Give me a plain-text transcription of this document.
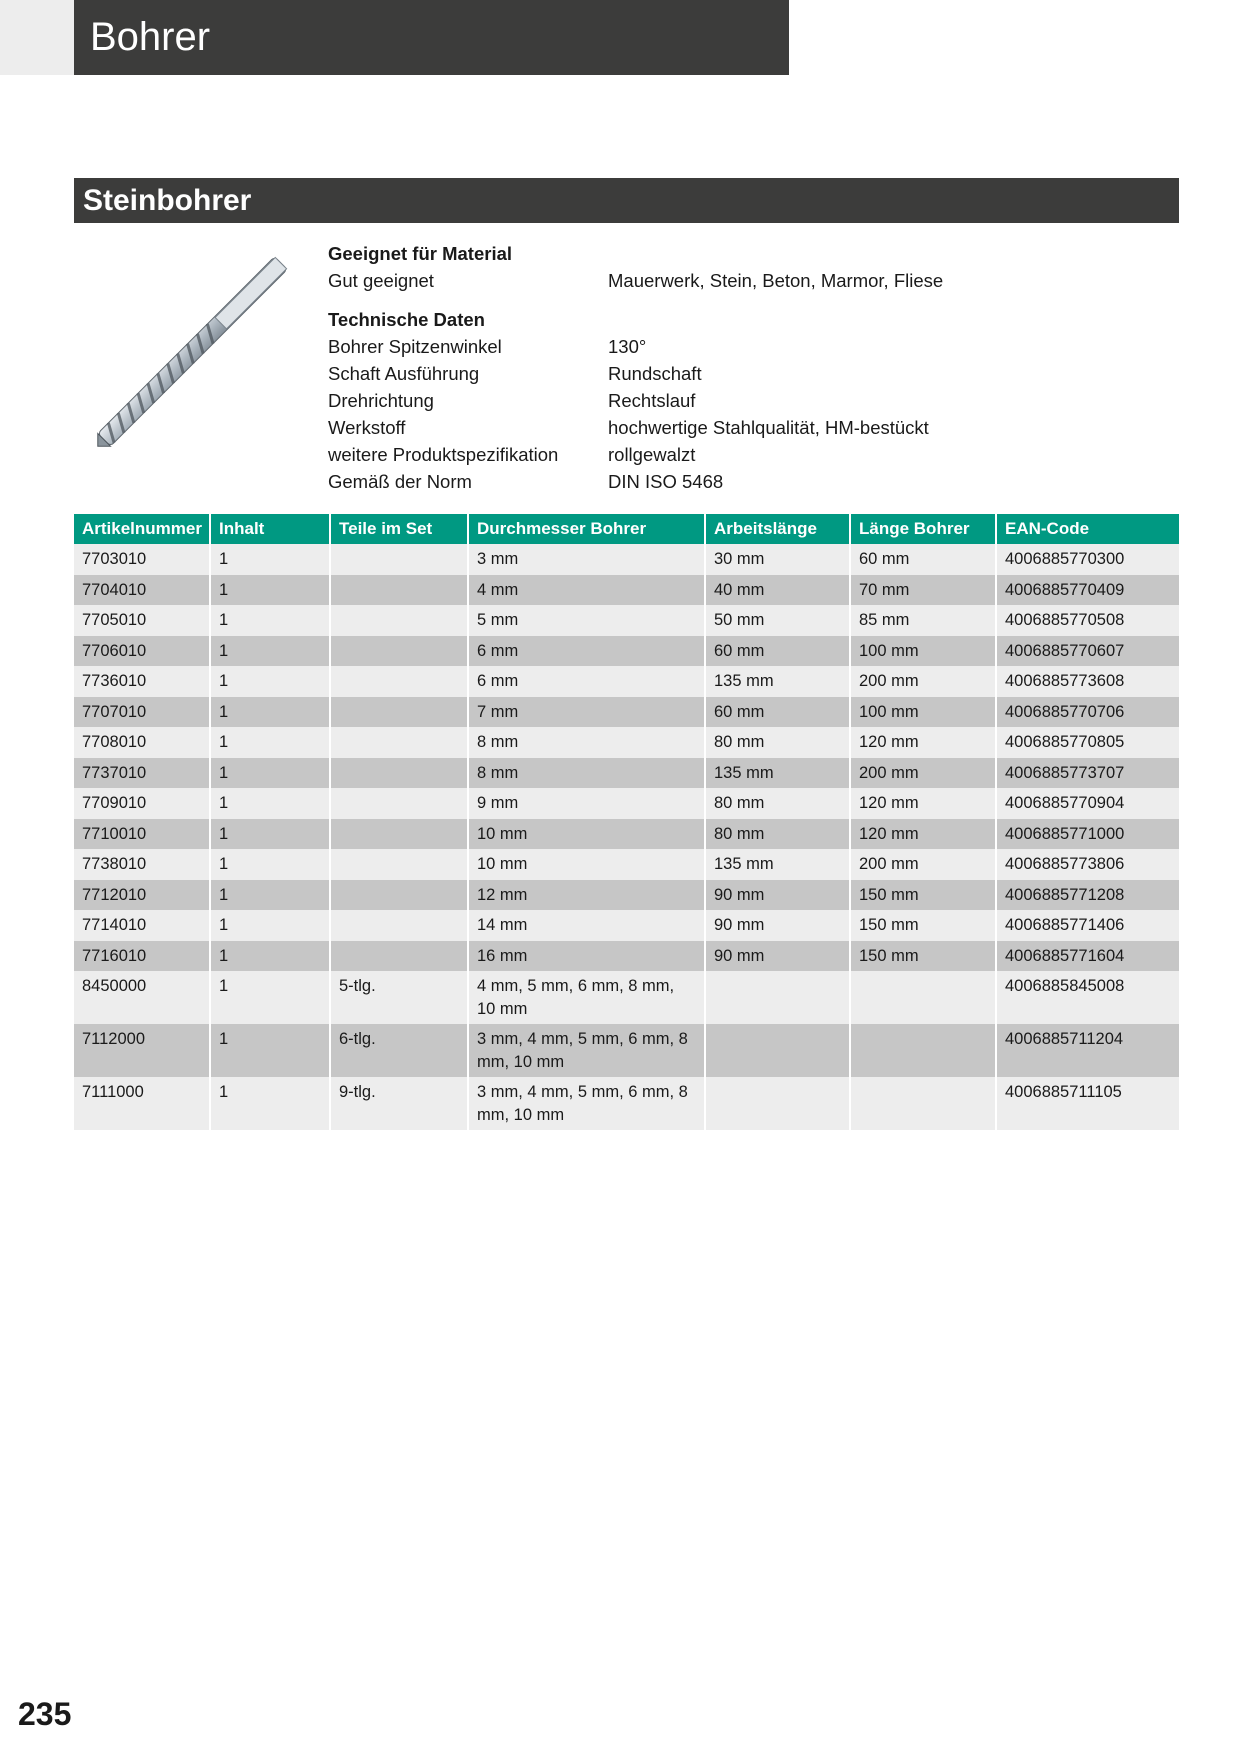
Bohrer
Steinbohrer
Geeignet für Material
Gut geeignet	Mauerwerk, Stein, Beton, Marmor, Fliese
Technische Daten
Bohrer Spitzenwinkel	130°
Schaft Ausführung	Rundschaft
Drehrichtung	Rechtslauf
Werkstoff	hochwertige Stahlqualität, HM-bestückt
weitere Produktspezifikation	rollgewalzt
Gemäß der Norm	DIN ISO 5468
Artikelnummer	Inhalt	Teile im Set	Durchmesser Bohrer	Arbeitslänge	Länge Bohrer	EAN-Code
7703010	1		3 mm	30 mm	60 mm	4006885770300
7704010	1		4 mm	40 mm	70 mm	4006885770409
7705010	1		5 mm	50 mm	85 mm	4006885770508
7706010	1		6 mm	60 mm	100 mm	4006885770607
7736010	1		6 mm	135 mm	200 mm	4006885773608
7707010	1		7 mm	60 mm	100 mm	4006885770706
7708010	1		8 mm	80 mm	120 mm	4006885770805
7737010	1		8 mm	135 mm	200 mm	4006885773707
7709010	1		9 mm	80 mm	120 mm	4006885770904
7710010	1		10 mm	80 mm	120 mm	4006885771000
7738010	1		10 mm	135 mm	200 mm	4006885773806
7712010	1		12 mm	90 mm	150 mm	4006885771208
7714010	1		14 mm	90 mm	150 mm	4006885771406
7716010	1		16 mm	90 mm	150 mm	4006885771604
8450000	1	5-tlg.	4 mm, 5 mm, 6 mm, 8 mm, 10 mm			4006885845008
7112000	1	6-tlg.	3 mm, 4 mm, 5 mm, 6 mm, 8 mm, 10 mm			4006885711204
7111000	1	9-tlg.	3 mm, 4 mm, 5 mm, 6 mm, 8 mm, 10 mm			4006885711105
235
